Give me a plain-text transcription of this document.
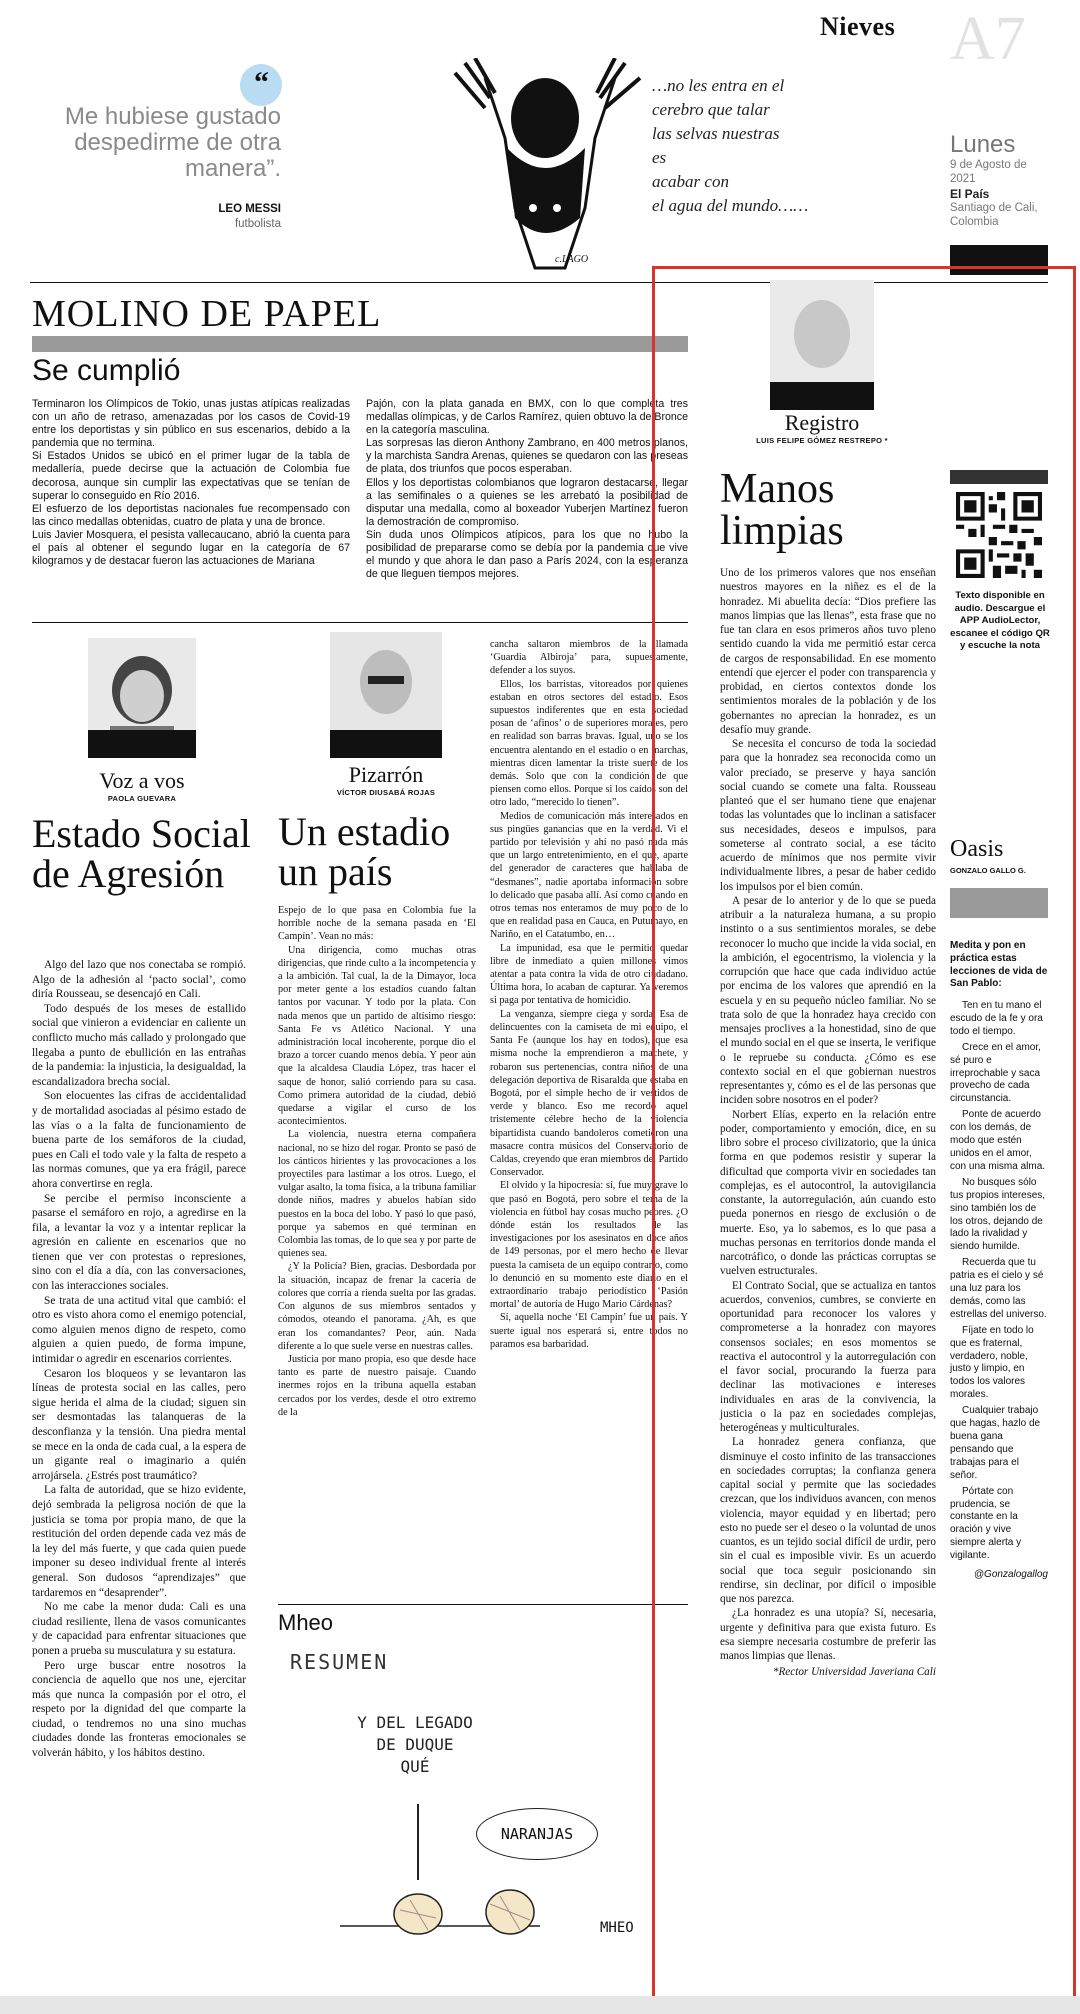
Nieves A7
Lunes
9 de Agosto de 2021
El País
Santiago de Cali, Colombia
“
Me hubiese gustado despedirme de otra manera”.
LEO MESSI
futbolista
c.LAGO
…no les entra en el
cerebro que talar
las selvas nuestras
es
acabar con
el agua del mundo……
MOLINO DE PAPEL
Se cumplió

Terminaron los Olímpicos de Tokio, unas justas atípicas realizadas con un año de retraso, amenazadas por los casos de Covid-19 entre los deportistas y sin público en sus escenarios, debido a la pandemia que no termina.

Si Estados Unidos se ubicó en el primer lugar de la tabla de medallería, puede decirse que la actuación de Colombia fue decorosa, aunque sin cumplir las expectativas que se tenían de superar lo conseguido en Río 2016.

El esfuerzo de los deportistas nacionales fue recompensado con las cinco medallas obtenidas, cuatro de plata y una de bronce.

Luis Javier Mosquera, el pesista vallecaucano, abrió la cuenta para el país al obtener el segundo lugar en la categoría de 67 kilogramos y de destacar fueron las actuaciones de Mariana

Pajón, con la plata ganada en BMX, con lo que completa tres medallas olímpicas, y de Carlos Ramírez, quien obtuvo la de Bronce en la categoría masculina.

Las sorpresas las dieron Anthony Zambrano, en 400 metros planos, y la marchista Sandra Arenas, quienes se quedaron con las preseas de plata, dos triunfos que pocos esperaban.

Ellos y los deportistas colombianos que lograron destacarse, llegar a las semifinales o a quienes se les arrebató la posibilidad de disputar una medalla, como al boxeador Yuberjen Martínez, fueron la demostración de compromiso.

Sin duda unos Olímpicos atípicos, para los que no hubo la posibilidad de prepararse como se debía por la pandemia que vive el mundo y que ahora le dan paso a París 2024, con la esperanza de que lleguen tiempos mejores.

Voz a vos
PAOLA GUEVARA
Estado Social de Agresión

Algo del lazo que nos conectaba se rompió. Algo de la adhesión al ‘pacto social’, como diría Rousseau, se desencajó en Cali.

Todo después de los meses de estallido social que vinieron a evidenciar en caliente un conflicto mucho más callado y prolongado que llegaba a punto de ebullición en las entrañas de la pandemia: la injusticia, la desigualdad, la escandalizadora brecha social.

Son elocuentes las cifras de accidentalidad y de mortalidad asociadas al pésimo estado de las vías o a la falta de funcionamiento de buena parte de los semáforos de la ciudad, pues en Cali el todo vale y la falta de respeto a las normas comunes, que ya era frágil, parece ahora convertirse en regla.

Se percibe el permiso inconsciente a pasarse el semáforo en rojo, a agredirse en la fila, a levantar la voz y a intentar replicar la agresión en caliente en escenarios que no tienen que ver con protestas o represiones, sino con el día a día, con las conversaciones, con las interacciones sociales.

Se trata de una actitud vital que cambió: el otro es visto ahora como el enemigo potencial, como alguien menos digno de respeto, como alguien a quien puedo, de forma impune, intimidar o agredir en escenarios corrientes.

Cesaron los bloqueos y se levantaron las líneas de protesta social en las calles, pero sigue herida el alma de la ciudad; siguen sin ser desmontadas las talanqueras de la desconfianza y la tensión. Una piedra mental se mece en la onda de cada cual, a la espera de un gigante real o imaginario a quién arrojársela. ¿Estrés post traumático?

La falta de autoridad, que se hizo evidente, dejó sembrada la peligrosa noción de que la justicia se toma por propia mano, de que la restitución del orden depende cada vez más de la ley del más fuerte, y que cada quien puede imponer su deseo individual frente al interés general. Son dudosos “aprendizajes” que tardaremos en “desaprender”.

No me cabe la menor duda: Cali es una ciudad resiliente, llena de vasos comunicantes y de capacidad para enfrentar situaciones que ponen a prueba su musculatura y su estatura.

Pero urge buscar entre nosotros la conciencia de aquello que nos une, ejercitar más que nunca la compasión por el otro, el respeto por la dignidad del que comparte la ciudad, o tendremos no una sino muchas ciudades donde las fronteras emocionales se volverán hábito, y los hábitos destino.

Pizarrón
VÍCTOR DIUSABÁ ROJAS
Un estadio un país

Espejo de lo que pasa en Colombia fue la horrible noche de la semana pasada en ‘El Campín’. Vean no más:

Una dirigencia, como muchas otras dirigencias, que rinde culto a la incompetencia y a la ambición. Tal cual, la de la Dimayor, loca por meter gente a los estadios cuando faltan tantos por vacunar. Y todo por la plata. Con nada menos que un partido de altísimo riesgo: Santa Fe vs Atlético Nacional. Y una administración local incoherente, porque dio el brazo a torcer cuando menos debía. Y peor aún que la alcaldesa Claudia López, tras hacer el saque de honor, salió corriendo para su casa. Como primera autoridad de la ciudad, debió quedarse a vigilar el curso de los acontecimientos.

La violencia, nuestra eterna compañera nacional, no se hizo del rogar. Pronto se pasó de los cánticos hirientes y las provocaciones a los proyectiles para lastimar a los otros. Luego, el vulgar asalto, la toma física, a la tribuna familiar donde niños, madres y abuelos habían sido puestos en la boca del lobo. Y pasó lo que pasó, porque ya sabemos en qué terminan en Colombia las tomas, de lo que sea y por parte de quienes sea.

¿Y la Policía? Bien, gracias. Desbordada por la situación, incapaz de frenar la cacería de colores que corría a rienda suelta por las gradas. Con algunos de sus miembros sentados y cómodos, oteando el panorama. ¿Ah, es que eran los comandantes? Peor, aún. Nada diferente a lo que suele verse en nuestras calles.

Justicia por mano propia, eso que desde hace tanto es parte de nuestro paisaje. Cuando inermes rojos en la tribuna aquella estaban cercados por los verdes, desde el otro extremo de la

cancha saltaron miembros de la llamada ‘Guardia Albiroja’ para, supuestamente, defender a los suyos.

Ellos, los barristas, vitoreados por quienes estaban en otros sectores del estadio. Esos supuestos indiferentes que en esta sociedad posan de ‘afinos’ o de superiores morales, pero en realidad son barras bravas. Igual, uno se los encuentra alentando en el estadio o en marchas, mientras dicen lamentar la triste suerte de los demás. Solo que con la condición de que piensen como ellos. Porque si los caídos son del otro lado, “merecido lo tienen”.

Medios de comunicación más interesados en sus pingües ganancias que en la verdad. Vi el partido por televisión y ahí no pasó nada más que un largo entretenimiento, en el que, aparte del generador de caracteres que hablaba de “desmanes”, nadie aportaba información sobre lo delicado que pasaba allí. Así como cuando en otros temas nos enteramos de muy poco de lo que en realidad pasa en Cauca, en Putumayo, en Nariño, en el Catatumbo, en…

La impunidad, esa que le permitió quedar libre de inmediato a quien millones vimos atentar a pata contra la vida de otro ciudadano. Última hora, lo acaban de capturar. Ya veremos si paga por tentativa de homicidio.

La venganza, siempre ciega y sorda. Esa de delincuentes con la camiseta de mi equipo, el Santa Fe (aunque los hay en todos), que esa misma noche la emprendieron a machete, y robaron sus pertenencias, contra niños de una delegación deportiva de Risaralda que estaba en Bogotá, por el simple hecho de ir vestidos de verde y blanco. Eso me recordó aquel tristemente célebre hecho de la violencia bipartidista cuando bandoleros cometieron una masacre contra músicos del Conservatorio de Caldas, creyendo que eran miembros del Partido Conservador.

El olvido y la hipocresía: sí, fue muy grave lo que pasó en Bogotá, pero sobre el tema de la violencia en fútbol hay cosas mucho peores. ¿O dónde están los resultados de las investigaciones por los asesinatos en doce años de 149 personas, por el mero hecho de llevar puesta la camiseta de un equipo contrario, como lo denunció en su momento este diario en el extraordinario trabajo periodístico ‘Pasión mortal’ de autoría de Hugo Mario Cárdenas?

Sí, aquella noche ‘El Campín’ fue un país. Y suerte igual nos esperará si, entre todos no paramos esa barbaridad.

Mheo
RESUMEN
Y DEL LEGADO
DE DUQUE
QUÉ
NARANJAS
MHEO
Registro
LUIS FELIPE GÓMEZ RESTREPO *
Manos limpias

Uno de los primeros valores que nos enseñan nuestros mayores en la niñez es el de la honradez. Mi abuelita decía: “Dios prefiere las manos limpias que las llenas”, esta frase que no fue tan clara en esos primeros años tuvo pleno sentido cuando la vida me permitió estar cerca de cargos de responsabilidad. En ese momento entendí que ejercer el poder con transparencia y probidad, en ciertos contextos donde los sentimientos morales de la población y de los gobernantes no aprecian la honradez, es un desafío muy grande.

Se necesita el concurso de toda la sociedad para que la honradez sea reconocida como un valor preciado, se preserve y haya sanción social cuando se comete una falta. Rousseau planteó que el ser humano tiene que enajenar todas las voluntades que lo inclinan a satisfacer sus necesidades, deseos e impulsos, para someterse al contrato social, a ese tácito acuerdo de mínimos que nos permite vivir individualmente libres, a pesar de haber cedido los impulsos por el bien común.

A pesar de lo anterior y de lo que se pueda atribuir a la naturaleza humana, a su propio instinto o a sus sentimientos morales, se debe reconocer lo mucho que incide la vida social, en la ambición, el egocentrismo, la violencia y la corrupción que hace que cada individuo actúe por encima de los valores que aprendió en la escuela y en su pequeño núcleo familiar. No se trata solo de que la honradez haya crecido con mensajes proclives a la honestidad, sino de que el mundo social en el que se inserta, le verifique o le repruebe su conducta. ¿Cómo es ese contexto social en el que gobiernan nuestros representantes y, cómo es el de las personas que inciden sobre nosotros en el poder?

Norbert Elías, experto en la relación entre poder, comportamiento y emoción, dice, en su libro sobre el proceso civilizatorio, que la única forma en que podemos resistir y superar la dificultad que comporta vivir en sociedades tan complejas, es el autocontrol, la autovigilancia constante, la autorregulación, aún cuando esto pueda ponernos en riesgo de exclusión o de muerte. Eso, ya lo sabemos, es lo que pasa a muchas personas en territorios donde manda el narcotráfico, o donde las prácticas corruptas se vuelven estructurales.

El Contrato Social, que se actualiza en tantos acuerdos, convenios, cumbres, se convierte en oportunidad para reconocer los valores y comprometerse a la honradez con mayores consensos sociales; en esos momentos se reactiva el autocontrol y la autorregulación con el favor social, procurando la fuerza para declinar las motivaciones e intereses individuales en aras de la convivencia, la justicia o la paz en sociedades complejas, heterogéneas y multiculturales.

La honradez genera confianza, que disminuye el costo infinito de las transacciones en sociedades corruptas; la confianza genera capital social y permite que las sociedades crezcan, que los individuos avancen, con menos violencia, mayor equidad y en libertad; pero esto no puede ser el deseo o la voluntad de unos cuantos, es un tejido social difícil de urdir, pero sin el cual es imposible vivir. Es un acuerdo social que toca seguir posicionando sin rendirse, sin declinar, por difícil o imposible que nos parezca.

¿La honradez es una utopía? Sí, necesaria, urgente y definitiva para que exista futuro. Es esa siempre necesaria costumbre de preferir las manos limpias que llenas.

*Rector Universidad Javeriana Cali

Texto disponible en audio. Descargue el APP AudioLector, escanee el código QR y escuche la nota
Oasis
GONZALO GALLO G.
Medita y pon en práctica estas lecciones de vida de San Pablo:

Ten en tu mano el escudo de la fe y ora todo el tiempo.

Crece en el amor, sé puro e irreprochable y saca provecho de cada circunstancia.

Ponte de acuerdo con los demás, de modo que estén unidos en el amor, con una misma alma.

No busques sólo tus propios intereses, sino también los de los otros, dejando de lado la rivalidad y siendo humilde.

Recuerda que tu patria es el cielo y sé una luz para los demás, como las estrellas del universo.

Fíjate en todo lo que es fraternal, verdadero, noble, justo y limpio, en todos los valores morales.

Cualquier trabajo que hagas, hazlo de buena gana pensando que trabajas para el señor.

Pórtate con prudencia, se constante en la oración y vive siempre alerta y vigilante.

@Gonzalogallog
